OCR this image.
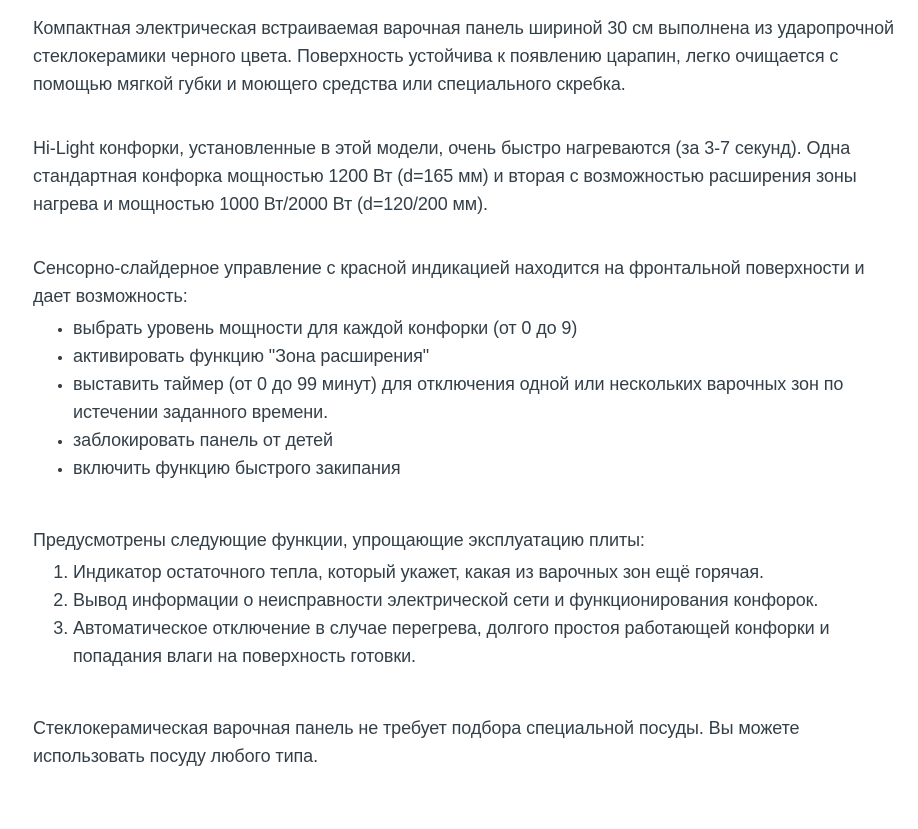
Компактная электрическая встраиваемая варочная панель шириной 30 см выполнена из ударопрочной стеклокерамики черного цвета. Поверхность устойчива к появлению царапин, легко очищается с помощью мягкой губки и моющего средства или специального скребка.

Hi-Light конфорки, установленные в этой модели, очень быстро нагреваются (за 3-7 секунд). Одна стандартная конфорка мощностью 1200 Вт (d=165 мм) и вторая с возможностью расширения зоны нагрева и мощностью 1000 Вт/2000 Вт (d=120/200 мм).

Сенсорно-слайдерное управление с красной индикацией находится на фронтальной поверхности и дает возможность:

• выбрать уровень мощности для каждой конфорки (от 0 до 9)
• активировать функцию "Зона расширения"
• выставить таймер (от 0 до 99 минут) для отключения одной или нескольких варочных зон по истечении заданного времени.
• заблокировать панель от детей
• включить функцию быстрого закипания

Предусмотрены следующие функции, упрощающие эксплуатацию плиты:

1. Индикатор остаточного тепла, который укажет, какая из варочных зон ещё горячая.
2. Вывод информации о неисправности электрической сети и функционирования конфорок.
3. Автоматическое отключение в случае перегрева, долгого простоя работающей конфорки и попадания влаги на поверхность готовки.

Стеклокерамическая варочная панель не требует подбора специальной посуды. Вы можете использовать посуду любого типа.
